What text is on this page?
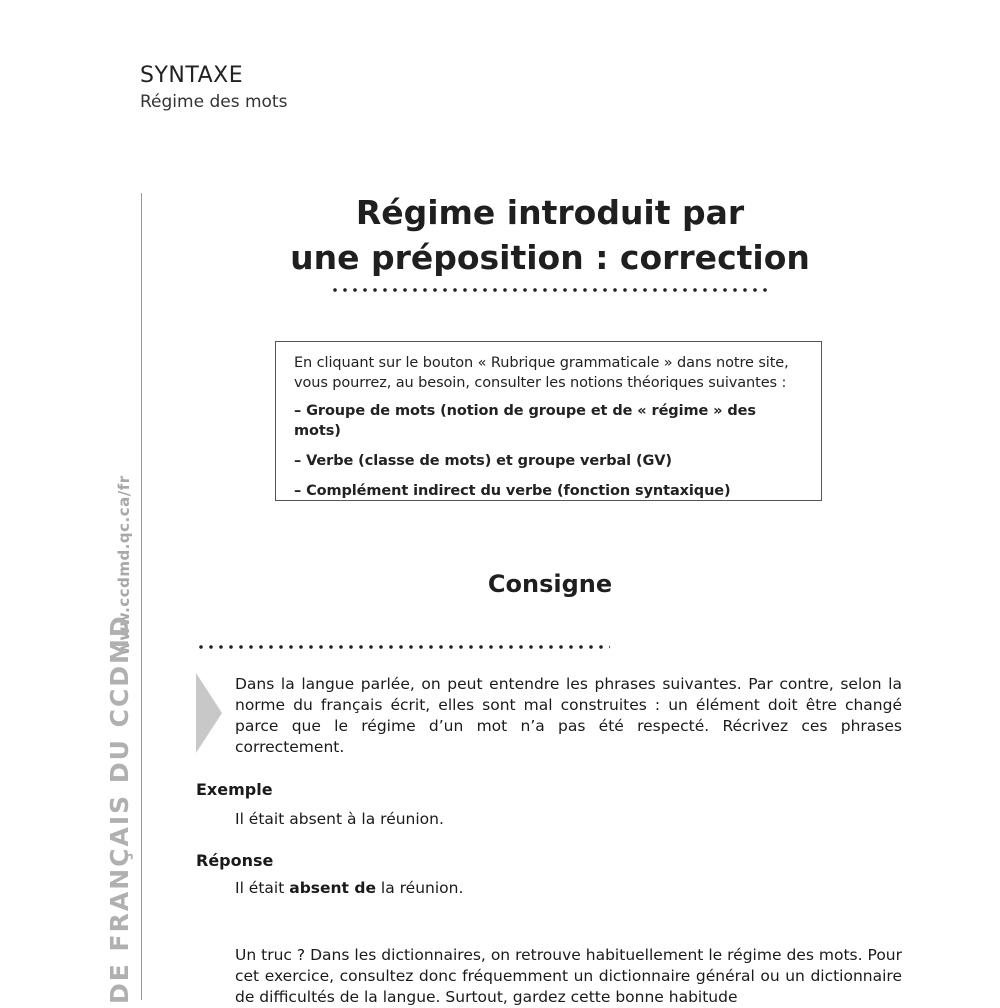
SYNTAXE
Régime des mots
www.ccdmd.qc.ca/fr
DE FRANÇAIS DU CCDMD
Régime introduit par
une préposition : correction
En cliquant sur le bouton « Rubrique grammaticale » dans notre site,
vous pourrez, au besoin, consulter les notions théoriques suivantes :
– Groupe de mots (notion de groupe et de « régime » des mots)
– Verbe (classe de mots) et groupe verbal (GV)
– Complément indirect du verbe (fonction syntaxique)
Consigne
Dans la langue parlée, on peut entendre les phrases suivantes. Par contre, selon la norme du français écrit, elles sont mal construites : un élément doit être changé parce que le régime d’un mot n’a pas été respecté. Récrivez ces phrases correctement.
Exemple
Il était absent à la réunion.
Réponse
Il était absent de la réunion.
Un truc ? Dans les dictionnaires, on retrouve habituellement le régime des mots. Pour cet exercice, consultez donc fréquemment un dictionnaire général ou un dictionnaire de difficultés de la langue. Surtout, gardez cette bonne habitude
